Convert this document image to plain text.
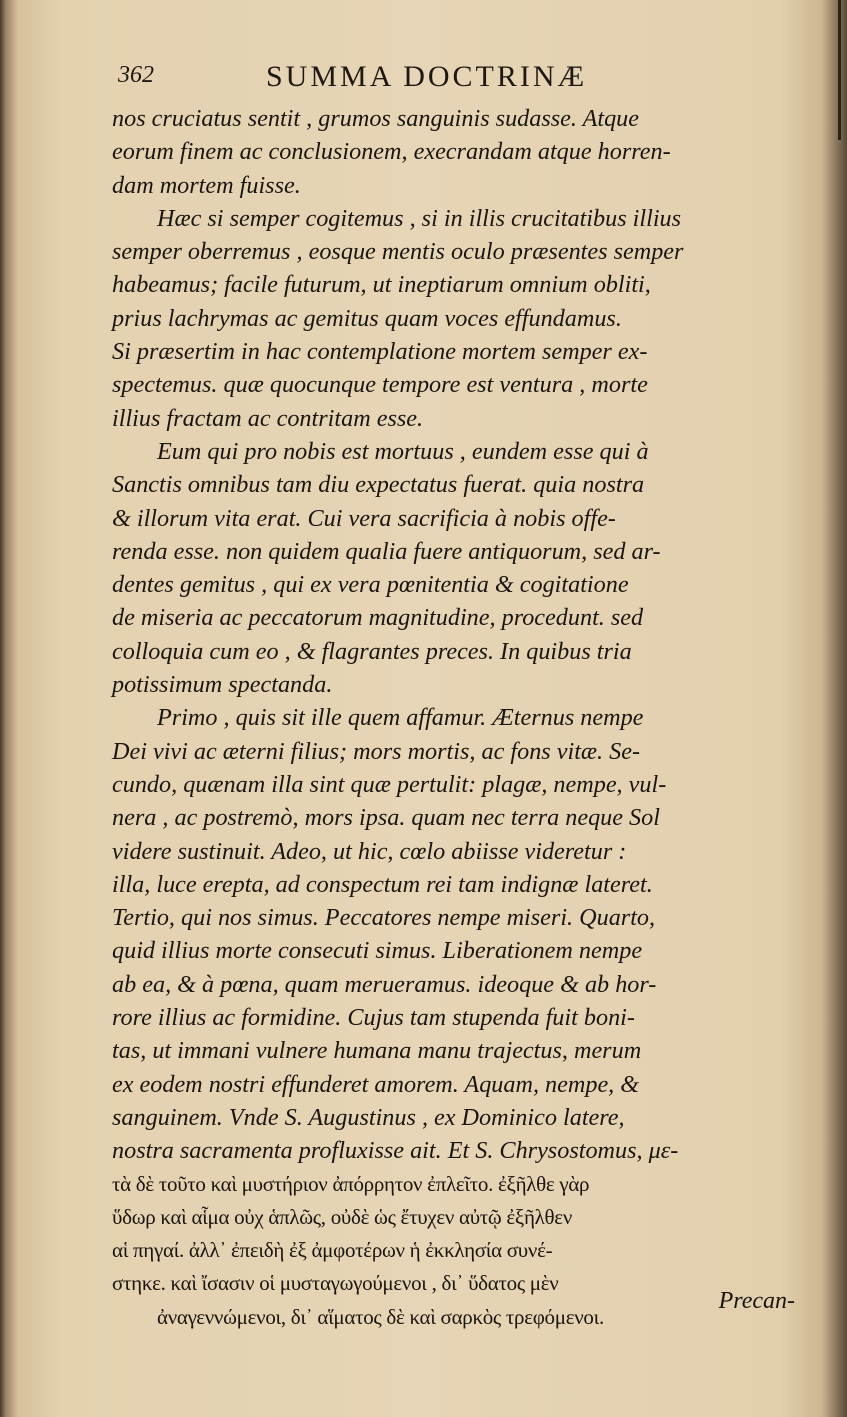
362	SUMMA DOCTRINÆ
nos cruciatus sentit , grumos sanguinis sudasse. Atque
eorum finem ac conclusionem, execrandam atque horren-
dam mortem fuisse.
Hæc si semper cogitemus , si in illis crucitatibus illius
semper oberremus , eosque mentis oculo præsentes semper
habeamus; facile futurum, ut ineptiarum omnium obliti,
prius lachrymas ac gemitus quam voces effundamus.
Si præsertim in hac contemplatione mortem semper ex-
spectemus. quæ quocunque tempore est ventura , morte
illius fractam ac contritam esse.
Eum qui pro nobis est mortuus , eundem esse qui à
Sanctis omnibus tam diu expectatus fuerat. quia nostra
& illorum vita erat. Cui vera sacrificia à nobis offe-
renda esse. non quidem qualia fuere antiquorum, sed ar-
dentes gemitus , qui ex vera pœnitentia & cogitatione
de miseria ac peccatorum magnitudine, procedunt. sed
colloquia cum eo , & flagrantes preces. In quibus tria
potissimum spectanda.
Primo , quis sit ille quem affamur. Æternus nempe
Dei vivi ac æterni filius; mors mortis, ac fons vitæ. Se-
cundo, quænam illa sint quæ pertulit: plagæ, nempe, vul-
nera , ac postremò, mors ipsa. quam nec terra neque Sol
videre sustinuit. Adeo, ut hic, cœlo abiisse videretur :
illa, luce erepta, ad conspectum rei tam indignæ lateret.
Tertio, qui nos simus. Peccatores nempe miseri. Quarto,
quid illius morte consecuti simus. Liberationem nempe
ab ea, & à pœna, quam merueramus. ideoque & ab hor-
rore illius ac formidine. Cujus tam stupenda fuit boni-
tas, ut immani vulnere humana manu trajectus, merum
ex eodem nostri effunderet amorem. Aquam, nempe, &
sanguinem. Vnde S. Augustinus , ex Dominico latere,
nostra sacramenta profluxisse ait. Et S. Chrysostomus, με-
τὰ δὲ τοῦτο καὶ μυστήριον ἀπόρρητον ἐπλεῖτο. ἐξῆλθε γὰρ
ὕδωρ καὶ αἷμα οὐχ ἁπλῶς, οὐδὲ ὡς ἔτυχεν αὐτῷ ἐξῆλθεν
αἱ πηγαί. ἀλλ᾽ ἐπειδὴ ἐξ ἀμφοτέρων ἡ ἐκκλησία συνέ-
στηκε. καὶ ἴσασιν οἱ μυσταγωγούμενοι , δι᾽ ὕδατος μὲν
ἀναγεννώμενοι, δι᾽ αἵματος δὲ καὶ σαρκὸς τρεφόμενοι.
Precan-
